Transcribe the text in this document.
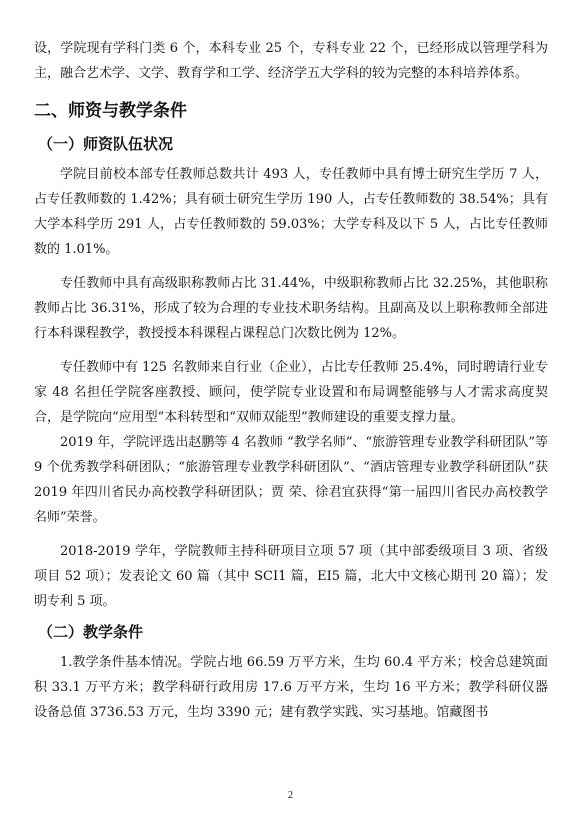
设，学院现有学科门类 6 个，本科专业 25 个，专科专业 22 个，已经形成以管理学科为主，融合艺术学、文学、教育学和工学、经济学五大学科的较为完整的本科培养体系。

二、师资与教学条件
（一）师资队伍状况

学院目前校本部专任教师总数共计 493 人，专任教师中具有博士研究生学历 7 人，占专任教师数的 1.42%；具有硕士研究生学历 190 人，占专任教师数的 38.54%；具有大学本科学历 291 人，占专任教师数的 59.03%；大学专科及以下 5 人，占比专任教师数的 1.01%。

专任教师中具有高级职称教师占比 31.44%，中级职称教师占比 32.25%，其他职称教师占比 36.31%，形成了较为合理的专业技术职务结构。且副高及以上职称教师全部进行本科课程教学，教授授本科课程占课程总门次数比例为 12%。

专任教师中有 125 名教师来自行业（企业），占比专任教师 25.4%，同时聘请行业专家 48 名担任学院客座教授、顾问，使学院专业设置和布局调整能够与人才需求高度契合，是学院向“应用型”本科转型和“双师双能型”教师建设的重要支撑力量。

2019 年，学院评选出赵鹏等 4 名教师 “教学名师”、“旅游管理专业教学科研团队”等 9 个优秀教学科研团队；“旅游管理专业教学科研团队”、“酒店管理专业教学科研团队”获 2019 年四川省民办高校教学科研团队；贾 荣、徐君宜获得“第一届四川省民办高校教学名师”荣誉。

2018-2019 学年，学院教师主持科研项目立项 57 项（其中部委级项目 3 项、省级项目 52 项）；发表论文 60 篇（其中 SCI1 篇，EI5 篇，北大中文核心期刊 20 篇）；发明专利 5 项。

（二）教学条件

1.教学条件基本情况。学院占地 66.59 万平方米，生均 60.4 平方米；校舍总建筑面积 33.1 万平方米；教学科研行政用房 17.6 万平方米，生均 16 平方米；教学科研仪器设备总值 3736.53 万元，生均 3390 元；建有教学实践、实习基地。馆藏图书

2
